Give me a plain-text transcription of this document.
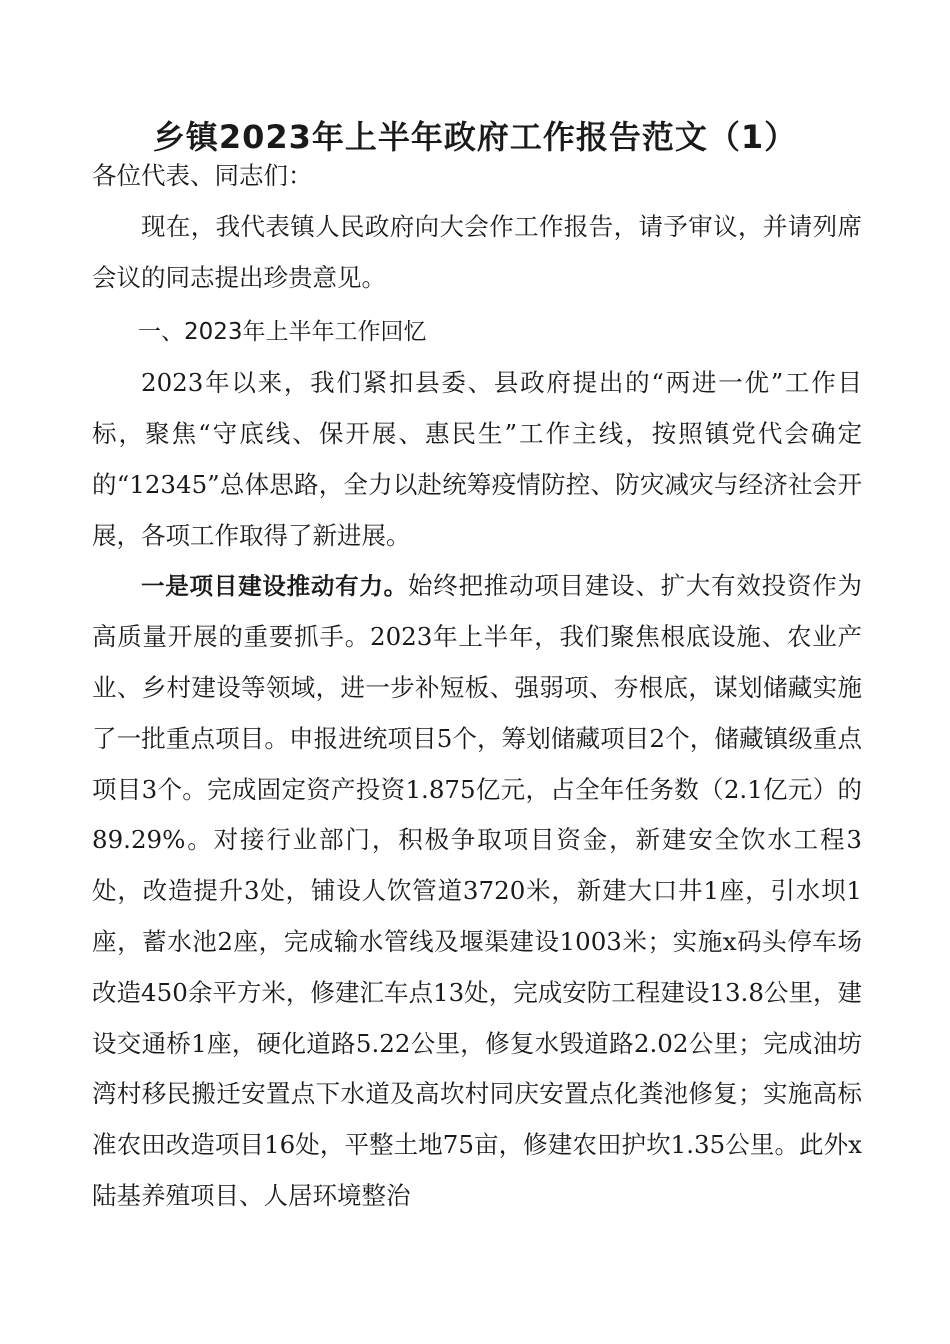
乡镇2023年上半年政府工作报告范文（1）

各位代表、同志们：

现在，我代表镇人民政府向大会作工作报告，请予审议，并请列席会议的同志提出珍贵意见。

一、2023年上半年工作回忆

2023年以来，我们紧扣县委、县政府提出的“两进一优”工作目标，聚焦“守底线、保开展、惠民生”工作主线，按照镇党代会确定的“12345”总体思路，全力以赴统筹疫情防控、防灾减灾与经济社会开展，各项工作取得了新进展。

一是项目建设推动有力。始终把推动项目建设、扩大有效投资作为高质量开展的重要抓手。2023年上半年，我们聚焦根底设施、农业产业、乡村建设等领域，进一步补短板、强弱项、夯根底，谋划储藏实施了一批重点项目。申报进统项目5个，筹划储藏项目2个，储藏镇级重点项目3个。完成固定资产投资1.875亿元，占全年任务数（2.1亿元）的89.29%。对接行业部门，积极争取项目资金，新建安全饮水工程3处，改造提升3处，铺设人饮管道3720米，新建大口井1座，引水坝1座，蓄水池2座，完成输水管线及堰渠建设1003米；实施x码头停车场改造450余平方米，修建汇车点13处，完成安防工程建设13.8公里，建设交通桥1座，硬化道路5.22公里，修复水毁道路2.02公里；完成油坊湾村移民搬迁安置点下水道及高坎村同庆安置点化粪池修复；实施高标准农田改造项目16处，平整土地75亩，修建农田护坎1.35公里。此外x陆基养殖项目、人居环境整治
